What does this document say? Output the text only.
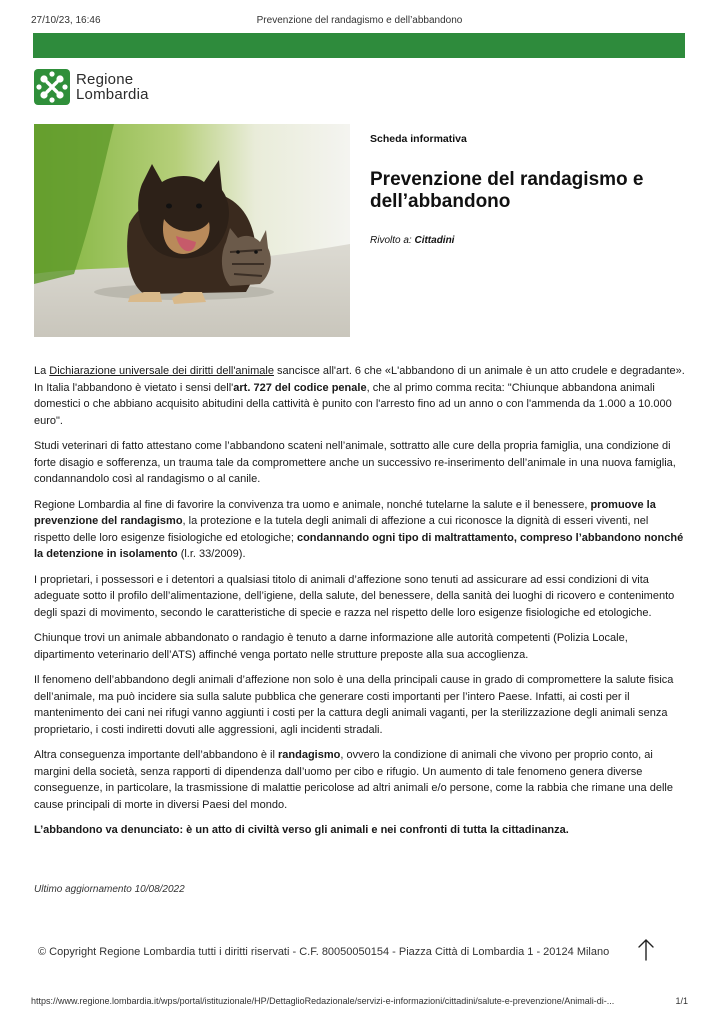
27/10/23, 16:46	Prevenzione del randagismo e dell’abbandono
Regione
Lombardia
Scheda informativa
Prevenzione del randagismo e dell’abbandono
Rivolto a: Cittadini

La Dichiarazione universale dei diritti dell'animale sancisce all'art. 6 che «L'abbandono di un animale è un atto crudele e degradante». In Italia l'abbandono è vietato i sensi dell'art. 727 del codice penale, che al primo comma recita: "Chiunque abbandona animali domestici o che abbiano acquisito abitudini della cattività è punito con l'arresto fino ad un anno o con l'ammenda da 1.000 a 10.000 euro".

Studi veterinari di fatto attestano come l’abbandono scateni nell’animale, sottratto alle cure della propria famiglia, una condizione di forte disagio e sofferenza, un trauma tale da compromettere anche un successivo re-inserimento dell’animale in una nuova famiglia, condannandolo così al randagismo o al canile.

Regione Lombardia al fine di favorire la convivenza tra uomo e animale, nonché tutelarne la salute e il benessere, promuove la prevenzione del randagismo, la protezione e la tutela degli animali di affezione a cui riconosce la dignità di esseri viventi, nel rispetto delle loro esigenze fisiologiche ed etologiche; condannando ogni tipo di maltrattamento, compreso l’abbandono nonché la detenzione in isolamento (l.r. 33/2009).

I proprietari, i possessori e i detentori a qualsiasi titolo di animali d’affezione sono tenuti ad assicurare ad essi condizioni di vita adeguate sotto il profilo dell’alimentazione, dell’igiene, della salute, del benessere, della sanità dei luoghi di ricovero e contenimento degli spazi di movimento, secondo le caratteristiche di specie e razza nel rispetto delle loro esigenze fisiologiche ed etologiche.

Chiunque trovi un animale abbandonato o randagio è tenuto a darne informazione alle autorità competenti (Polizia Locale, dipartimento veterinario dell’ATS) affinché venga portato nelle strutture preposte alla sua accoglienza.

Il fenomeno dell’abbandono degli animali d’affezione non solo è una della principali cause in grado di compromettere la salute fisica dell’animale, ma può incidere sia sulla salute pubblica che generare costi importanti per l’intero Paese. Infatti, ai costi per il mantenimento dei cani nei rifugi vanno aggiunti i costi per la cattura degli animali vaganti, per la sterilizzazione degli animali senza proprietario, i costi indiretti dovuti alle aggressioni, agli incidenti stradali.

Altra conseguenza importante dell’abbandono è il randagismo, ovvero la condizione di animali che vivono per proprio conto, ai margini della società, senza rapporti di dipendenza dall’uomo per cibo e rifugio. Un aumento di tale fenomeno genera diverse conseguenze, in particolare, la trasmissione di malattie pericolose ad altri animali e/o persone, come la rabbia che rimane una delle cause principali di morte in diversi Paesi del mondo.

L’abbandono va denunciato: è un atto di civiltà verso gli animali e nei confronti di tutta la cittadinanza.

Ultimo aggiornamento 10/08/2022
© Copyright Regione Lombardia tutti i diritti riservati - C.F. 80050050154 - Piazza Città di Lombardia 1 - 20124 Milano
https://www.regione.lombardia.it/wps/portal/istituzionale/HP/DettaglioRedazionale/servizi-e-informazioni/cittadini/salute-e-prevenzione/Animali-di-...	1/1
